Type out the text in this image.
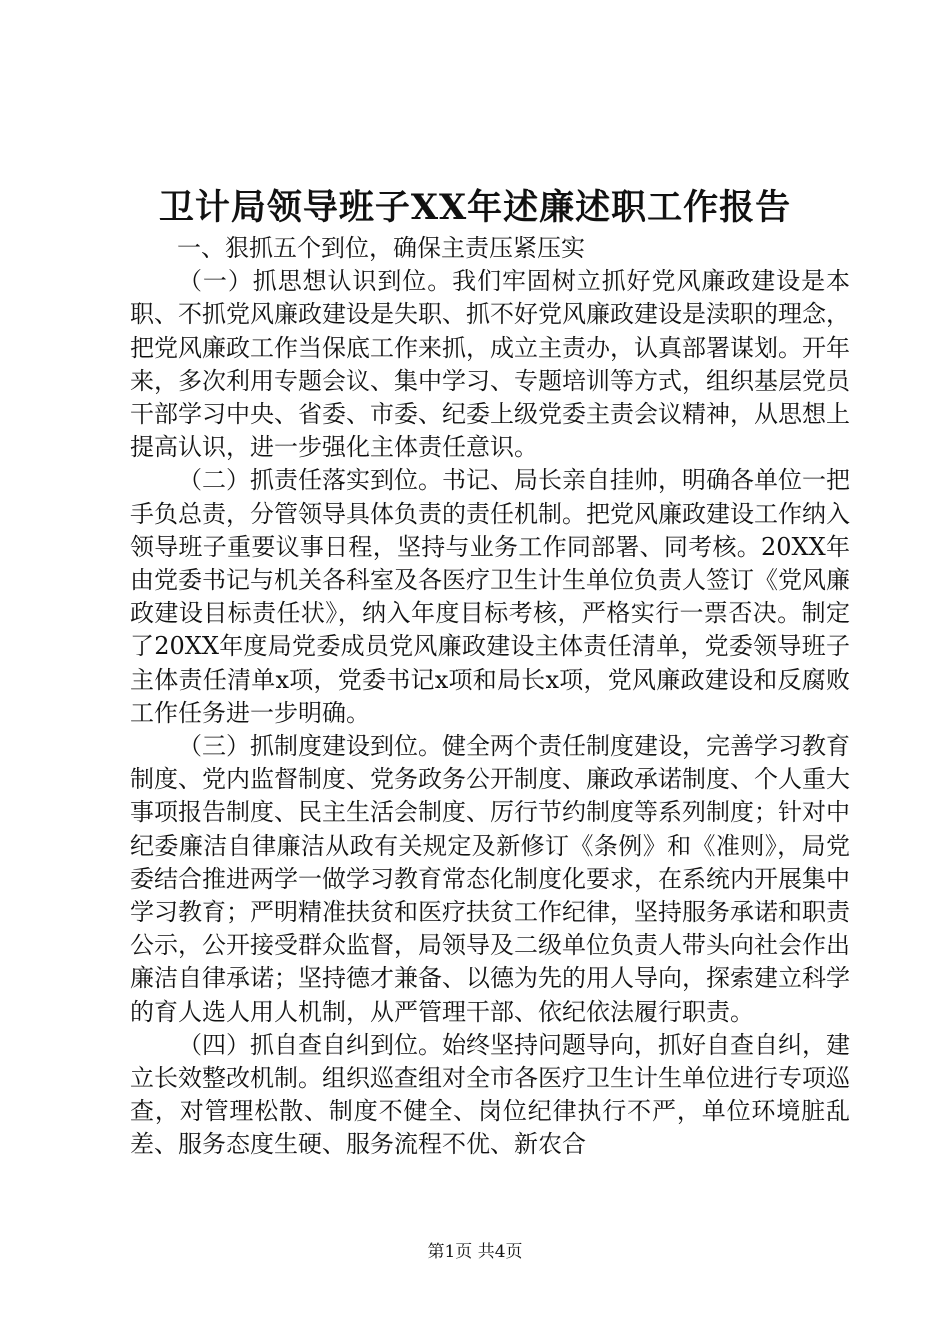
卫计局领导班子XX年述廉述职工作报告

一、狠抓五个到位，确保主责压紧压实

（一）抓思想认识到位。我们牢固树立抓好党风廉政建设是本职、不抓党风廉政建设是失职、抓不好党风廉政建设是渎职的理念，把党风廉政工作当保底工作来抓，成立主责办，认真部署谋划。开年来，多次利用专题会议、集中学习、专题培训等方式，组织基层党员干部学习中央、省委、市委、纪委上级党委主责会议精神，从思想上提高认识，进一步强化主体责任意识。

（二）抓责任落实到位。书记、局长亲自挂帅，明确各单位一把手负总责，分管领导具体负责的责任机制。把党风廉政建设工作纳入领导班子重要议事日程，坚持与业务工作同部署、同考核。20XX年由党委书记与机关各科室及各医疗卫生计生单位负责人签订《党风廉政建设目标责任状》，纳入年度目标考核，严格实行一票否决。制定了20XX年度局党委成员党风廉政建设主体责任清单，党委领导班子主体责任清单x项，党委书记x项和局长x项，党风廉政建设和反腐败工作任务进一步明确。

（三）抓制度建设到位。健全两个责任制度建设，完善学习教育制度、党内监督制度、党务政务公开制度、廉政承诺制度、个人重大事项报告制度、民主生活会制度、厉行节约制度等系列制度；针对中纪委廉洁自律廉洁从政有关规定及新修订《条例》和《准则》，局党委结合推进两学一做学习教育常态化制度化要求，在系统内开展集中学习教育；严明精准扶贫和医疗扶贫工作纪律，坚持服务承诺和职责公示，公开接受群众监督，局领导及二级单位负责人带头向社会作出廉洁自律承诺；坚持德才兼备、以德为先的用人导向，探索建立科学的育人选人用人机制，从严管理干部、依纪依法履行职责。

（四）抓自查自纠到位。始终坚持问题导向，抓好自查自纠，建立长效整改机制。组织巡查组对全市各医疗卫生计生单位进行专项巡查，对管理松散、制度不健全、岗位纪律执行不严，单位环境脏乱差、服务态度生硬、服务流程不优、新农合

第1页 共4页
